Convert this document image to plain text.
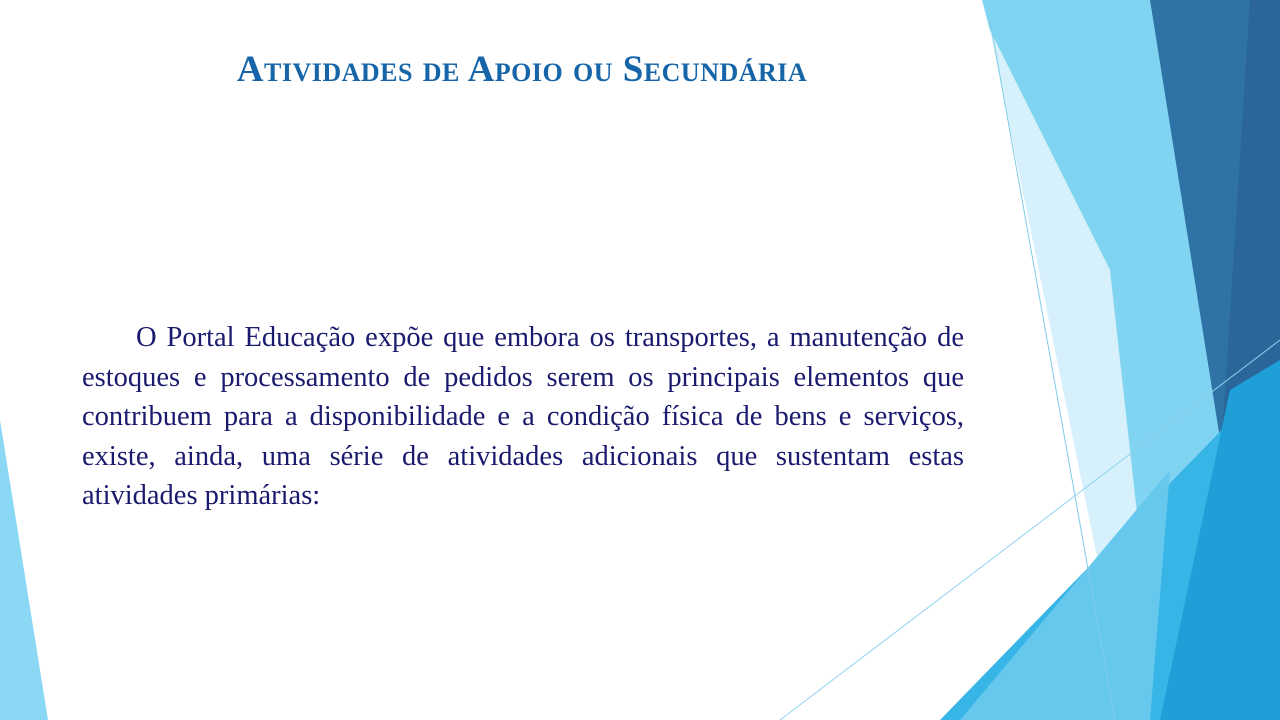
Atividades de Apoio ou Secundária

O Portal Educação expõe que embora os transportes, a manutenção de estoques e processamento de pedidos serem os principais elementos que contribuem para a disponibilidade e a condição física de bens e serviços, existe, ainda, uma série de atividades adicionais que sustentam estas atividades primárias:
